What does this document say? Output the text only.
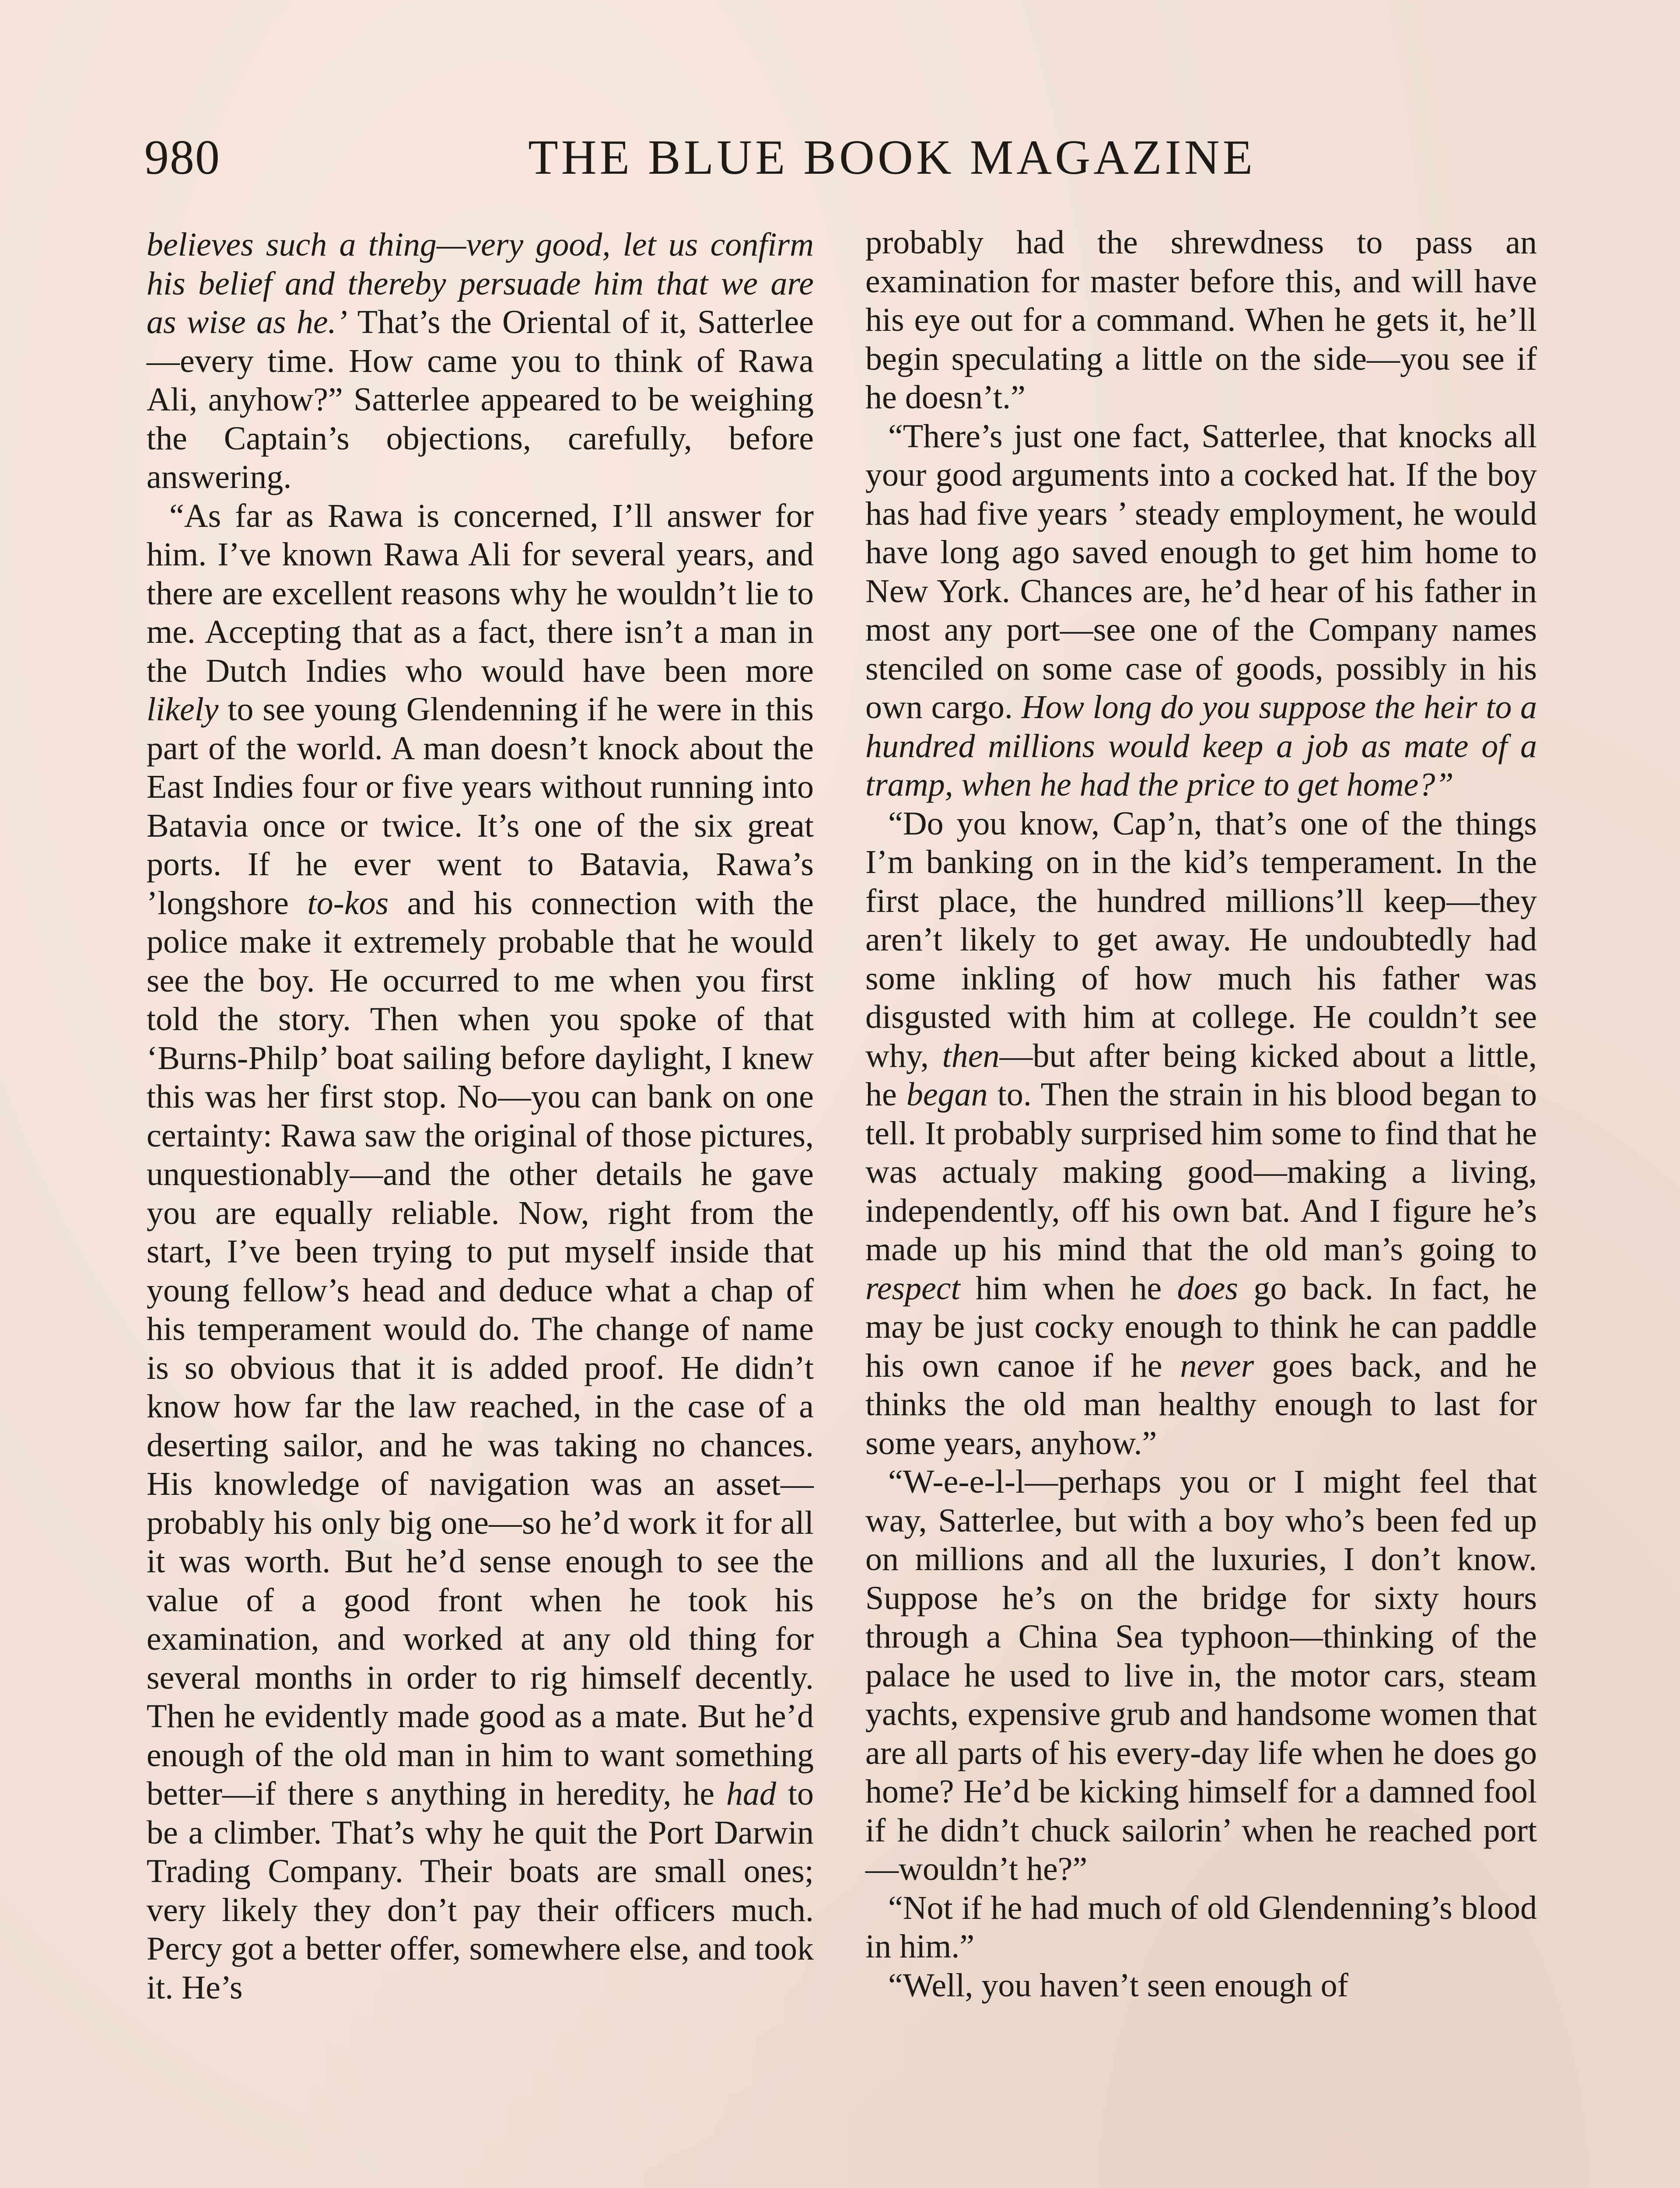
980	THE BLUE BOOK MAGAZINE

believes such a thing—very good, let us confirm his belief and thereby persuade him that we are as wise as he.’ That’s the Oriental of it, Satterlee—every time. How came you to think of Rawa Ali, anyhow?” Satterlee appeared to be weighing the Captain’s objections, carefully, before answering.

“As far as Rawa is concerned, I’ll answer for him. I’ve known Rawa Ali for several years, and there are excellent reasons why he wouldn’t lie to me. Accepting that as a fact, there isn’t a man in the Dutch Indies who would have been more likely to see young Glendenning if he were in this part of the world. A man doesn’t knock about the East Indies four or five years without running into Batavia once or twice. It’s one of the six great ports. If he ever went to Batavia, Rawa’s ’longshore to-kos and his connection with the police make it extremely probable that he would see the boy. He occurred to me when you first told the story. Then when you spoke of that ‘Burns-Philp’ boat sailing before daylight, I knew this was her first stop. No—you can bank on one certainty: Rawa saw the original of those pictures, unquestionably—and the other details he gave you are equally reliable. Now, right from the start, I’ve been trying to put myself inside that young fellow’s head and deduce what a chap of his temperament would do. The change of name is so obvious that it is added proof. He didn’t know how far the law reached, in the case of a deserting sailor, and he was taking no chances. His knowledge of navigation was an asset—probably his only big one—so he’d work it for all it was worth. But he’d sense enough to see the value of a good front when he took his examination, and worked at any old thing for several months in order to rig himself decently. Then he evidently made good as a mate. But he’d enough of the old man in him to want something better—if there s anything in heredity, he had to be a climber. That’s why he quit the Port Darwin Trading Company. Their boats are small ones; very likely they don’t pay their officers much. Percy got a better offer, somewhere else, and took it. He’s

probably had the shrewdness to pass an examination for master before this, and will have his eye out for a command. When he gets it, he’ll begin speculating a little on the side—you see if he doesn’t.”

“There’s just one fact, Satterlee, that knocks all your good arguments into a cocked hat. If the boy has had five years ’ steady employment, he would have long ago saved enough to get him home to New York. Chances are, he’d hear of his father in most any port—see one of the Company names stenciled on some case of goods, possibly in his own cargo. How long do you suppose the heir to a hundred millions would keep a job as mate of a tramp, when he had the price to get home?”

“Do you know, Cap’n, that’s one of the things I’m banking on in the kid’s temperament. In the first place, the hundred millions’ll keep—they aren’t likely to get away. He undoubtedly had some inkling of how much his father was disgusted with him at college. He couldn’t see why, then—but after being kicked about a little, he began to. Then the strain in his blood began to tell. It probably surprised him some to find that he was actualy making good—making a living, independently, off his own bat. And I figure he’s made up his mind that the old man’s going to respect him when he does go back. In fact, he may be just cocky enough to think he can paddle his own canoe if he never goes back, and he thinks the old man healthy enough to last for some years, anyhow.”

“W-e-e-l-l—perhaps you or I might feel that way, Satterlee, but with a boy who’s been fed up on millions and all the luxuries, I don’t know. Suppose he’s on the bridge for sixty hours through a China Sea typhoon—thinking of the palace he used to live in, the motor cars, steam yachts, expensive grub and handsome women that are all parts of his every-day life when he does go home? He’d be kicking himself for a damned fool if he didn’t chuck sailorin’ when he reached port—wouldn’t he?”

“Not if he had much of old Glendenning’s blood in him.”

“Well, you haven’t seen enough of
